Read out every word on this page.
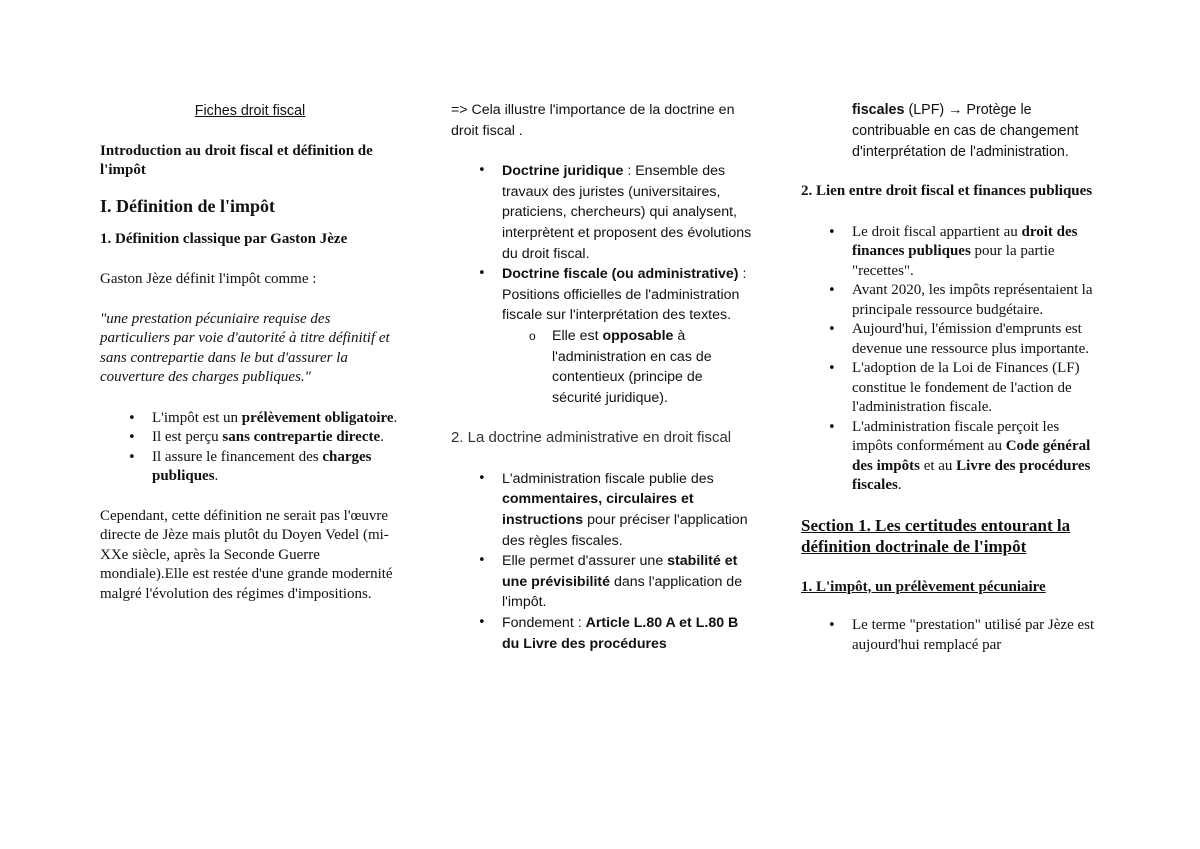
Fiches droit fiscal

Introduction au droit fiscal et définition de l'impôt

I. Définition de l'impôt

1. Définition classique par Gaston Jèze

Gaston Jèze définit l'impôt comme :

"une prestation pécuniaire requise des particuliers par voie d'autorité à titre définitif et sans contrepartie dans le but d'assurer la couverture des charges publiques."

• L'impôt est un prélèvement obligatoire.
• Il est perçu sans contrepartie directe.
• Il assure le financement des charges publiques.

Cependant, cette définition ne serait pas l'œuvre directe de Jèze mais plutôt du Doyen Vedel (mi-XXe siècle, après la Seconde Guerre mondiale).Elle est restée d'une grande modernité malgré l'évolution des régimes d'impositions.

=> Cela illustre l'importance de la doctrine en droit fiscal .

• Doctrine juridique : Ensemble des travaux des juristes (universitaires, praticiens, chercheurs) qui analysent, interprètent et proposent des évolutions du droit fiscal.
• Doctrine fiscale (ou administrative) : Positions officielles de l'administration fiscale sur l'interprétation des textes.
o Elle est opposable à l'administration en cas de contentieux (principe de sécurité juridique).

2. La doctrine administrative en droit fiscal

• L'administration fiscale publie des commentaires, circulaires et instructions pour préciser l'application des règles fiscales.
• Elle permet d'assurer une stabilité et une prévisibilité dans l'application de l'impôt.
• Fondement : Article L.80 A et L.80 B du Livre des procédures

fiscales (LPF) → Protège le contribuable en cas de changement d'interprétation de l'administration.

2. Lien entre droit fiscal et finances publiques

• Le droit fiscal appartient au droit des finances publiques pour la partie "recettes".
• Avant 2020, les impôts représentaient la principale ressource budgétaire.
• Aujourd'hui, l'émission d'emprunts est devenue une ressource plus importante.
• L'adoption de la Loi de Finances (LF) constitue le fondement de l'action de l'administration fiscale.
• L'administration fiscale perçoit les impôts conformément au Code général des impôts et au Livre des procédures fiscales.

Section 1. Les certitudes entourant la définition doctrinale de l'impôt

1. L'impôt, un prélèvement pécuniaire

• Le terme "prestation" utilisé par Jèze est aujourd'hui remplacé par
